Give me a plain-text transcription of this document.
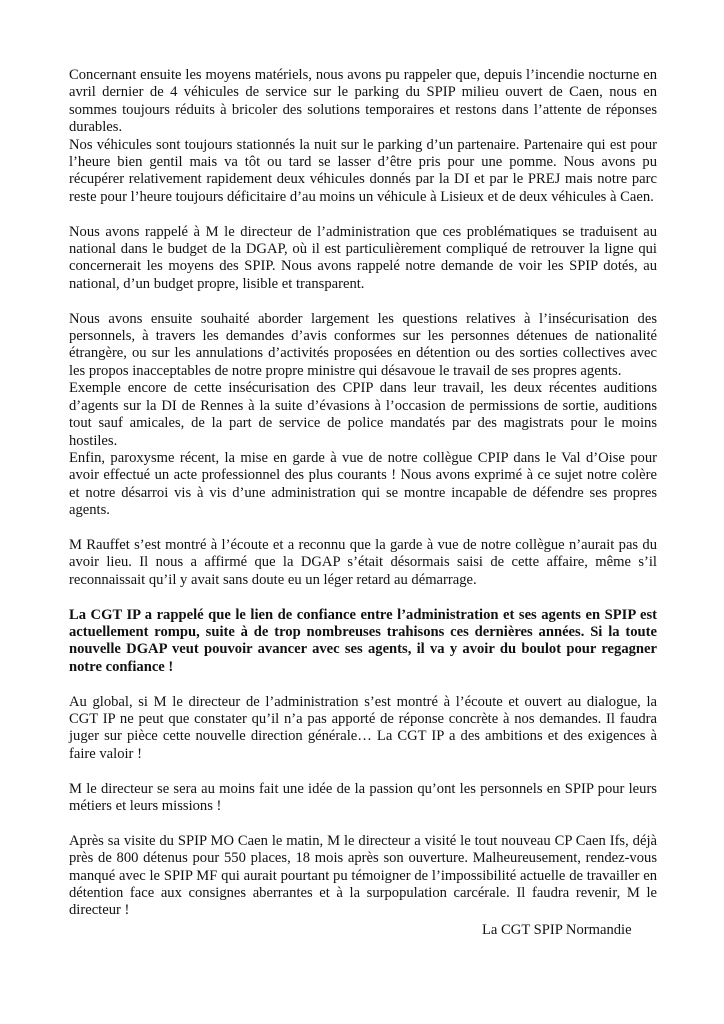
Concernant ensuite les moyens matériels, nous avons pu rappeler que, depuis l’incendie nocturne en avril dernier de 4 véhicules de service sur le parking du SPIP milieu ouvert de Caen, nous en sommes toujours réduits à bricoler des solutions temporaires et restons dans l’attente de réponses durables.

Nos véhicules sont toujours stationnés la nuit sur le parking d’un partenaire. Partenaire qui est pour l’heure bien gentil mais va tôt ou tard se lasser d’être pris pour une pomme. Nous avons pu récupérer relativement rapidement deux véhicules donnés par la DI et par le PREJ mais notre parc reste pour l’heure toujours déficitaire d’au moins un véhicule à Lisieux et de deux véhicules à Caen.

Nous avons rappelé à M le directeur de l’administration que ces problématiques se traduisent au national dans le budget de la DGAP, où il est particulièrement compliqué de retrouver la ligne qui concernerait les moyens des SPIP. Nous avons rappelé notre demande de voir les SPIP dotés, au national, d’un budget propre, lisible et transparent.

Nous avons ensuite souhaité aborder largement les questions relatives à l’insécurisation des personnels, à travers les demandes d’avis conformes sur les personnes détenues de nationalité étrangère, ou sur les annulations d’activités proposées en détention ou des sorties collectives avec les propos inacceptables de notre propre ministre qui désavoue le travail de ses propres agents.

Exemple encore de cette insécurisation des CPIP dans leur travail, les deux récentes auditions d’agents sur la DI de Rennes à la suite d’évasions à l’occasion de permissions de sortie, auditions tout sauf amicales, de la part de service de police mandatés par des magistrats pour le moins hostiles.

Enfin, paroxysme récent, la mise en garde à vue de notre collègue CPIP dans le Val d’Oise pour avoir effectué un acte professionnel des plus courants ! Nous avons exprimé à ce sujet notre colère et notre désarroi vis à vis d’une administration qui se montre incapable de défendre ses propres agents.

M Rauffet s’est montré à l’écoute et a reconnu que la garde à vue de notre collègue n’aurait pas du avoir lieu. Il nous a affirmé que la DGAP s’était désormais saisi de cette affaire, même s’il reconnaissait qu’il y avait sans doute eu un léger retard au démarrage.

La CGT IP a rappelé que le lien de confiance entre l’administration et ses agents en SPIP est actuellement rompu, suite à de trop nombreuses trahisons ces dernières années. Si la toute nouvelle DGAP veut pouvoir avancer avec ses agents, il va y avoir du boulot pour regagner notre confiance !

Au global, si M le directeur de l’administration s’est montré à l’écoute et ouvert au dialogue, la CGT IP ne peut que constater qu’il n’a pas apporté de réponse concrète à nos demandes. Il faudra juger sur pièce cette nouvelle direction générale… La CGT IP a des ambitions et des exigences à faire valoir !

M le directeur se sera au moins fait une idée de la passion qu’ont les personnels en SPIP pour leurs métiers et leurs missions !

Après sa visite du SPIP MO Caen le matin, M le directeur a visité le tout nouveau CP Caen Ifs, déjà près de 800 détenus pour 550 places, 18 mois après son ouverture. Malheureusement, rendez-vous manqué avec le SPIP MF qui aurait pourtant pu témoigner de l’impossibilité actuelle de travailler en détention face aux consignes aberrantes et à la surpopulation carcérale. Il faudra revenir, M le directeur !

La CGT SPIP Normandie
